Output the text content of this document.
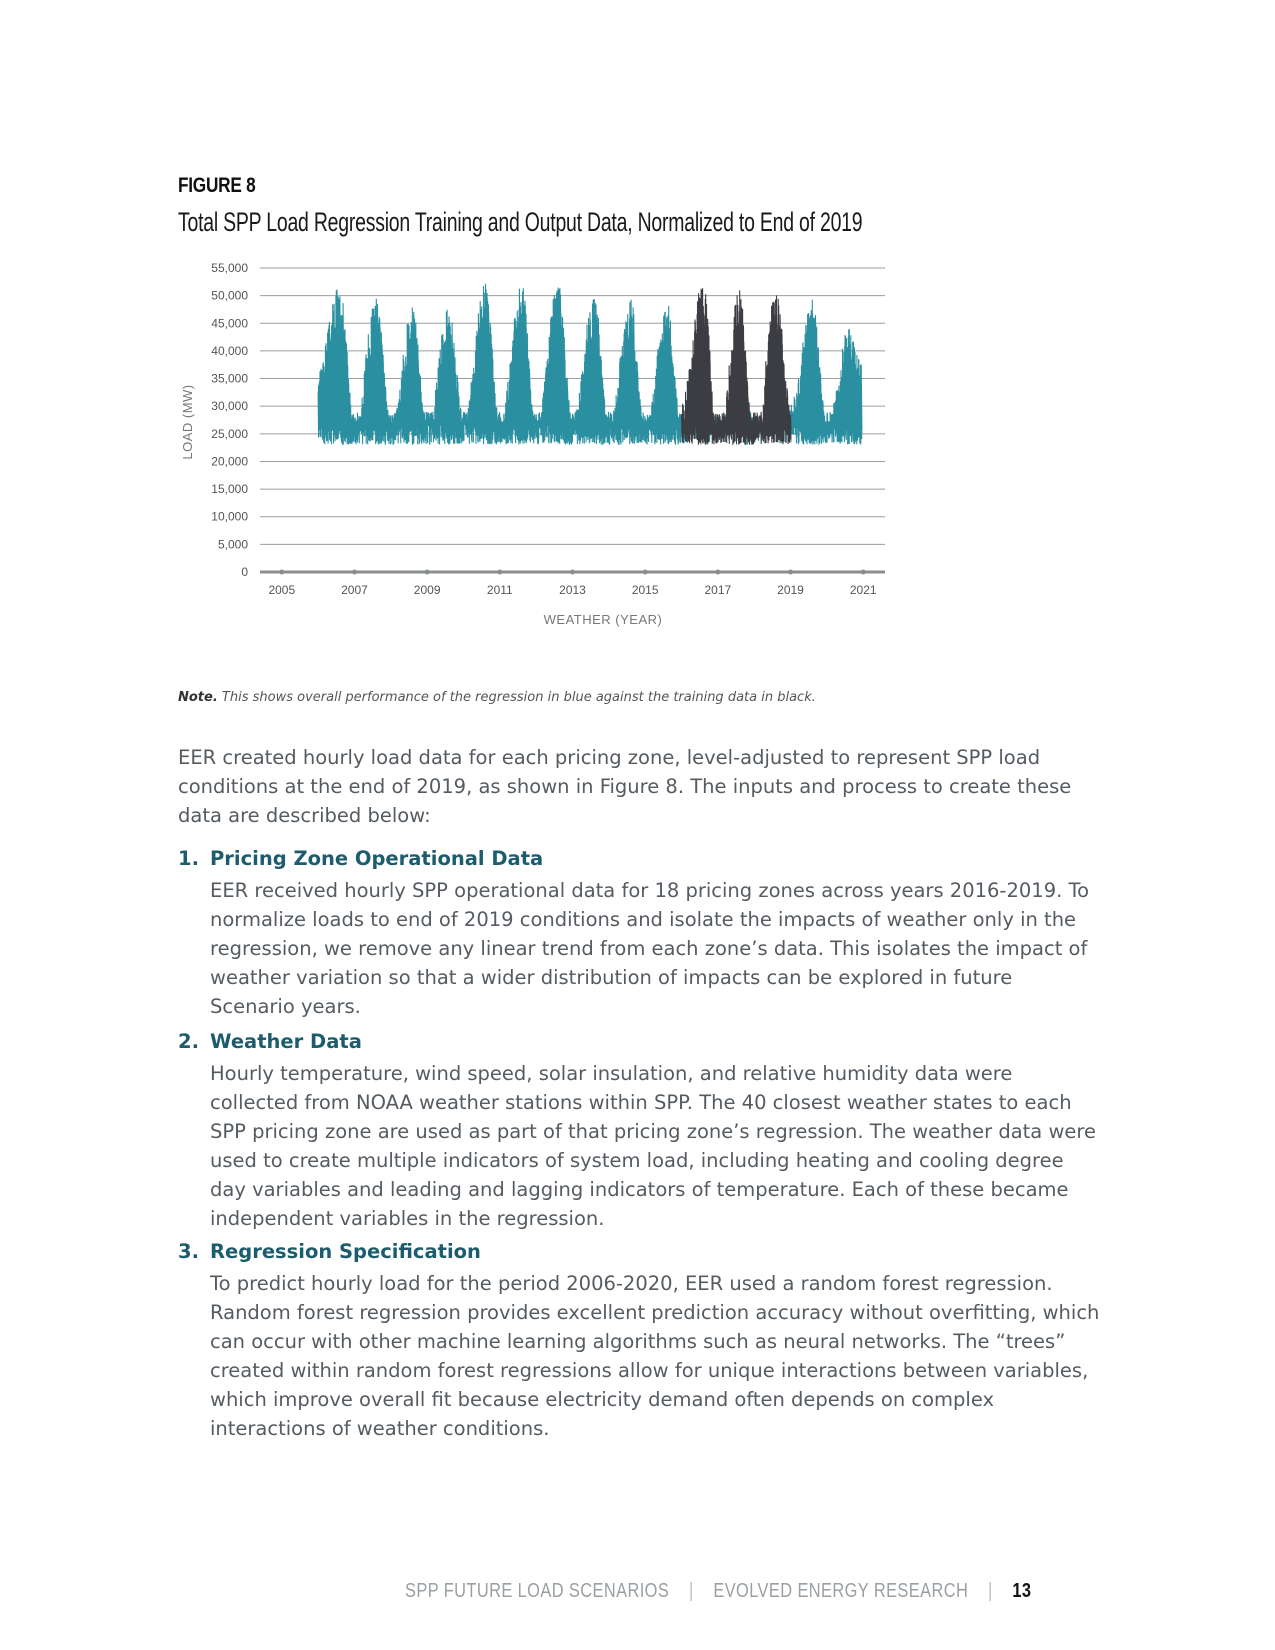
FIGURE 8
Total SPP Load Regression Training and Output Data, Normalized to End of 2019
0
5,000
10,000
15,000
20,000
25,000
30,000
35,000
40,000
45,000
50,000
55,000
2005	2007	2009	2011	2013	2015	2017	2019	2021
LOAD (MW)
WEATHER (YEAR)
Note. This shows overall performance of the regression in blue against the training data in black.
EER created hourly load data for each pricing zone, level-adjusted to represent SPP load conditions at the end of 2019, as shown in Figure 8. The inputs and process to create these data are described below:
1. Pricing Zone Operational Data
EER received hourly SPP operational data for 18 pricing zones across years 2016-2019. To normalize loads to end of 2019 conditions and isolate the impacts of weather only in the regression, we remove any linear trend from each zone’s data. This isolates the impact of weather variation so that a wider distribution of impacts can be explored in future Scenario years.
2. Weather Data
Hourly temperature, wind speed, solar insulation, and relative humidity data were collected from NOAA weather stations within SPP. The 40 closest weather states to each SPP pricing zone are used as part of that pricing zone’s regression. The weather data were used to create multiple indicators of system load, including heating and cooling degree day variables and leading and lagging indicators of temperature. Each of these became independent variables in the regression.
3. Regression Specification
To predict hourly load for the period 2006-2020, EER used a random forest regression. Random forest regression provides excellent prediction accuracy without overfitting, which can occur with other machine learning algorithms such as neural networks. The “trees” created within random forest regressions allow for unique interactions between variables, which improve overall fit because electricity demand often depends on complex interactions of weather conditions.
SPP FUTURE LOAD SCENARIOS | EVOLVED ENERGY RESEARCH | 13
